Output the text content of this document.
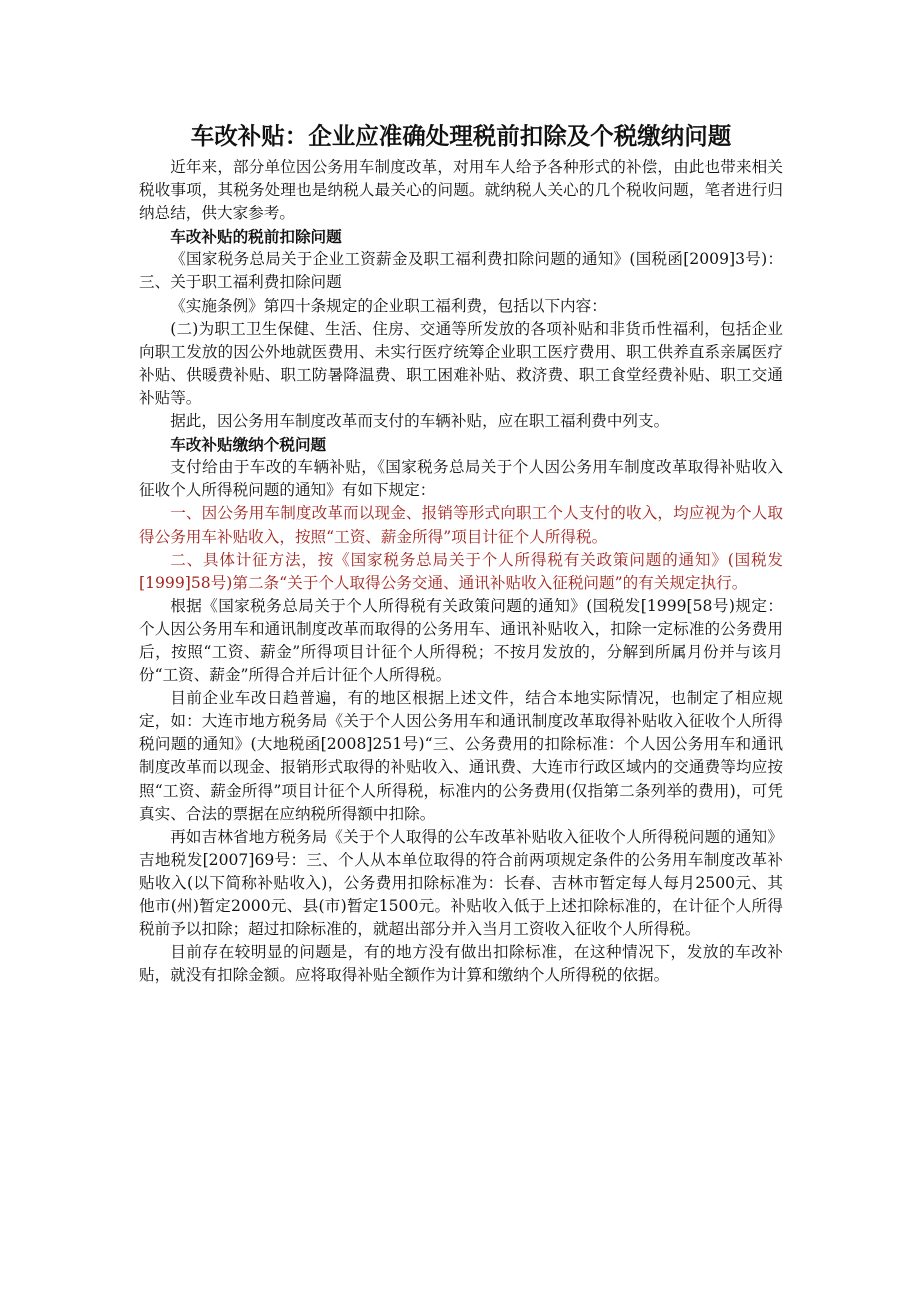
车改补贴：企业应准确处理税前扣除及个税缴纳问题

近年来，部分单位因公务用车制度改革，对用车人给予各种形式的补偿，由此也带来相关税收事项，其税务处理也是纳税人最关心的问题。就纳税人关心的几个税收问题，笔者进行归纳总结，供大家参考。

车改补贴的税前扣除问题

《国家税务总局关于企业工资薪金及职工福利费扣除问题的通知》(国税函[2009]3号)：三、关于职工福利费扣除问题

《实施条例》第四十条规定的企业职工福利费，包括以下内容：

(二)为职工卫生保健、生活、住房、交通等所发放的各项补贴和非货币性福利，包括企业向职工发放的因公外地就医费用、未实行医疗统筹企业职工医疗费用、职工供养直系亲属医疗补贴、供暖费补贴、职工防暑降温费、职工困难补贴、救济费、职工食堂经费补贴、职工交通补贴等。

据此，因公务用车制度改革而支付的车辆补贴，应在职工福利费中列支。

车改补贴缴纳个税问题

支付给由于车改的车辆补贴，《国家税务总局关于个人因公务用车制度改革取得补贴收入征收个人所得税问题的通知》有如下规定：

一、因公务用车制度改革而以现金、报销等形式向职工个人支付的收入，均应视为个人取得公务用车补贴收入，按照“工资、薪金所得”项目计征个人所得税。

二、具体计征方法，按《国家税务总局关于个人所得税有关政策问题的通知》(国税发[1999]58号)第二条“关于个人取得公务交通、通讯补贴收入征税问题”的有关规定执行。

根据《国家税务总局关于个人所得税有关政策问题的通知》(国税发[1999[58号)规定：个人因公务用车和通讯制度改革而取得的公务用车、通讯补贴收入，扣除一定标准的公务费用后，按照“工资、薪金”所得项目计征个人所得税；不按月发放的，分解到所属月份并与该月份“工资、薪金”所得合并后计征个人所得税。

目前企业车改日趋普遍，有的地区根据上述文件，结合本地实际情况，也制定了相应规定，如：大连市地方税务局《关于个人因公务用车和通讯制度改革取得补贴收入征收个人所得税问题的通知》(大地税函[2008]251号)“三、公务费用的扣除标准：个人因公务用车和通讯制度改革而以现金、报销形式取得的补贴收入、通讯费、大连市行政区域内的交通费等均应按照“工资、薪金所得”项目计征个人所得税，标准内的公务费用(仅指第二条列举的费用)，可凭真实、合法的票据在应纳税所得额中扣除。

再如吉林省地方税务局《关于个人取得的公车改革补贴收入征收个人所得税问题的通知》吉地税发[2007]69号：三、个人从本单位取得的符合前两项规定条件的公务用车制度改革补贴收入(以下简称补贴收入)，公务费用扣除标准为：长春、吉林市暂定每人每月2500元、其他市(州)暂定2000元、县(市)暂定1500元。补贴收入低于上述扣除标准的，在计征个人所得税前予以扣除；超过扣除标准的，就超出部分并入当月工资收入征收个人所得税。

目前存在较明显的问题是，有的地方没有做出扣除标准，在这种情况下，发放的车改补贴，就没有扣除金额。应将取得补贴全额作为计算和缴纳个人所得税的依据。
